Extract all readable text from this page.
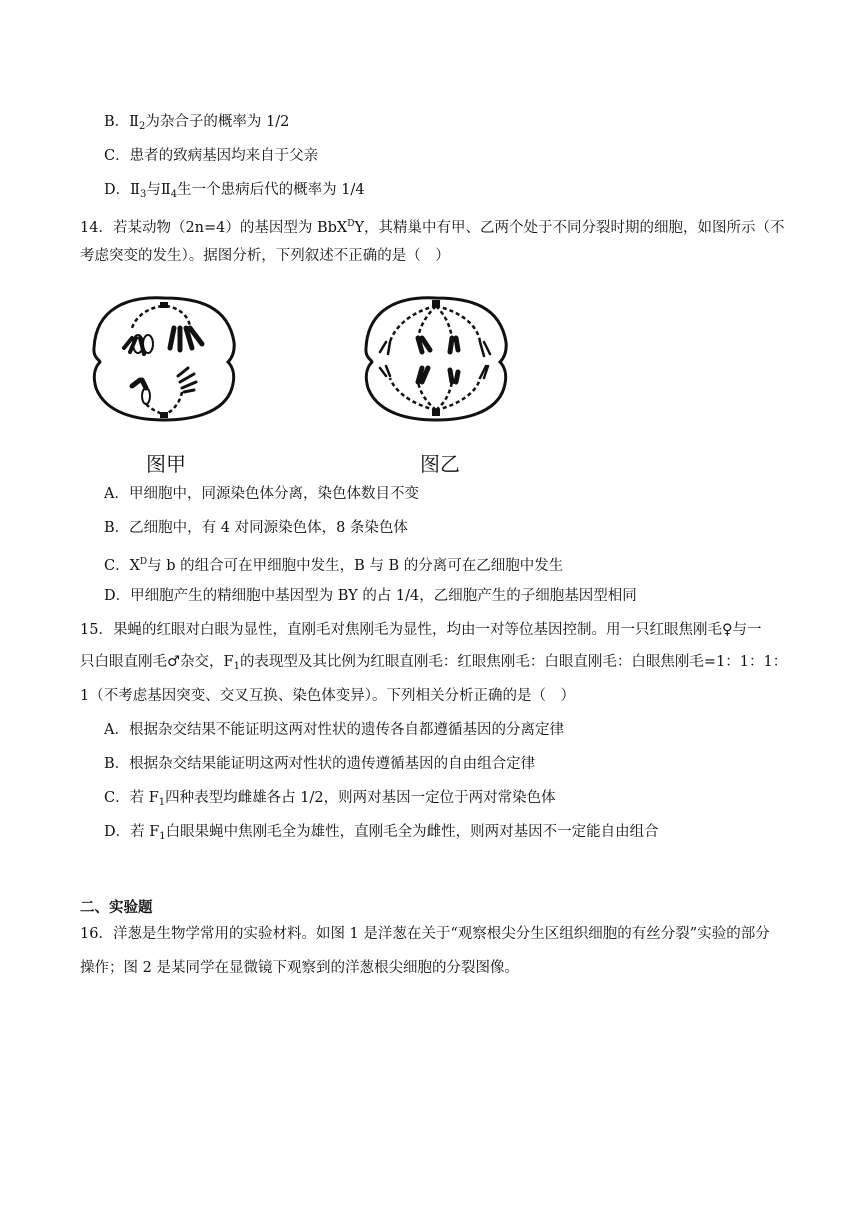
B．$Ⅱ_2$为杂合子的概率为 1/2
C．患者的致病基因均来自于父亲
D．$Ⅱ_3$与$Ⅱ_4$生一个患病后代的概率为 1/4
14．若某动物（2n=4）的基因型为 BbX$^D$Y，其精巢中有甲、乙两个处于不同分裂时期的细胞，如图所示（不
考虑突变的发生）。据图分析，下列叙述不正确的是（　）
图甲	图乙
A．甲细胞中，同源染色体分离，染色体数目不变
B．乙细胞中，有 4 对同源染色体，8 条染色体
C．$X^D$与 b 的组合可在甲细胞中发生，B 与 B 的分离可在乙细胞中发生
D．甲细胞产生的精细胞中基因型为 BY 的占 1/4，乙细胞产生的子细胞基因型相同
15．果蝇的红眼对白眼为显性，直刚毛对焦刚毛为显性，均由一对等位基因控制。用一只红眼焦刚毛♀与一
只白眼直刚毛♂杂交，$F_1$的表现型及其比例为红眼直刚毛：红眼焦刚毛：白眼直刚毛：白眼焦刚毛=1：1：1：
1（不考虑基因突变、交叉互换、染色体变异）。下列相关分析正确的是（　）
A．根据杂交结果不能证明这两对性状的遗传各自都遵循基因的分离定律
B．根据杂交结果能证明这两对性状的遗传遵循基因的自由组合定律
C．若 $F_1$四种表型均雌雄各占 1/2，则两对基因一定位于两对常染色体
D．若 $F_1$白眼果蝇中焦刚毛全为雄性，直刚毛全为雌性，则两对基因不一定能自由组合
二、实验题
16．洋葱是生物学常用的实验材料。如图 1 是洋葱在关于“观察根尖分生区组织细胞的有丝分裂”实验的部分
操作；图 2 是某同学在显微镜下观察到的洋葱根尖细胞的分裂图像。
